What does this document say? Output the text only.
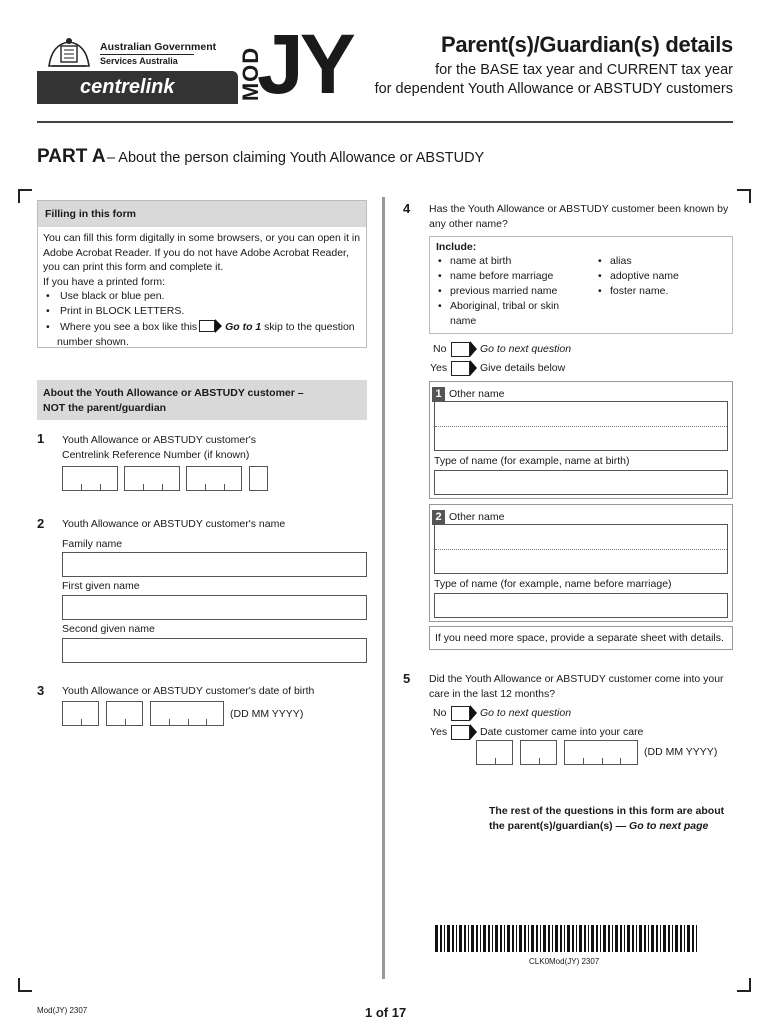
Australian Government
Services Australia
centrelink	MOD
JY	Parent(s)/Guardian(s) details
for the BASE tax year and CURRENT tax year
for dependent Youth Allowance or ABSTUDY customers
PART A – About the person claiming Youth Allowance or ABSTUDY
Filling in this form
You can fill this form digitally in some browsers, or you can open it in Adobe Acrobat Reader. If you do not have Adobe Acrobat Reader, you can print this form and complete it.
If you have a printed form:
• Use black or blue pen.
• Print in BLOCK LETTERS.
• Where you see a box like this	Go to 1 skip to the question
number shown.
About the Youth Allowance or ABSTUDY customer –
NOT the parent/guardian
1 Youth Allowance or ABSTUDY customer's
Centrelink Reference Number (if known)
2 Youth Allowance or ABSTUDY customer's name
Family name
First given name
Second given name
3 Youth Allowance or ABSTUDY customer's date of birth
(DD MM YYYY)
4 Has the Youth Allowance or ABSTUDY customer been known by
any other name?
Include:
• name at birth
• name before marriage
• previous married name
• Aboriginal, tribal or skin
name
• alias
• adoptive name
• foster name.
No	Go to next question
Yes	Give details below
1 Other name
Type of name (for example, name at birth)
2 Other name
Type of name (for example, name before marriage)
If you need more space, provide a separate sheet with details.
5 Did the Youth Allowance or ABSTUDY customer come into your
care in the last 12 months?
No	Go to next question
Yes	Date customer came into your care
(DD MM YYYY)
The rest of the questions in this form are about
the parent(s)/guardian(s) — Go to next page
CLK0Mod(JY) 2307
Mod(JY) 2307	1 of 17
